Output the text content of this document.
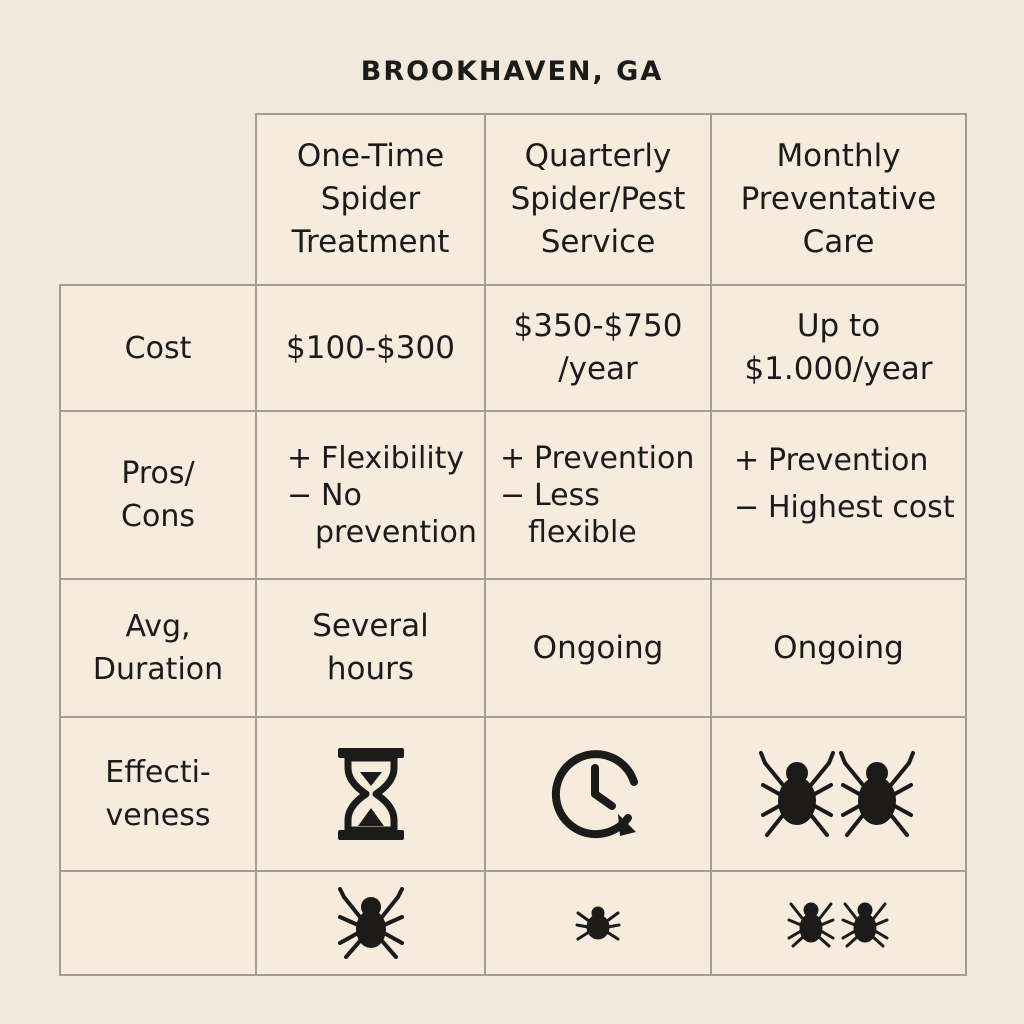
BROOKHAVEN, GA
One-Time
Spider
Treatment
Quarterly
Spider/Pest
Service
Monthly
Preventative
Care
Cost	$100-$300
$350-$750
/year
Up to
$1.000/year
Pros/
Cons
+ Flexibility
− No
prevention
+ Prevention
− Less
flexible
+ Prevention
− Highest cost
Avg,
Duration
Several
hours
Ongoing	Ongoing
Effecti-
veness
